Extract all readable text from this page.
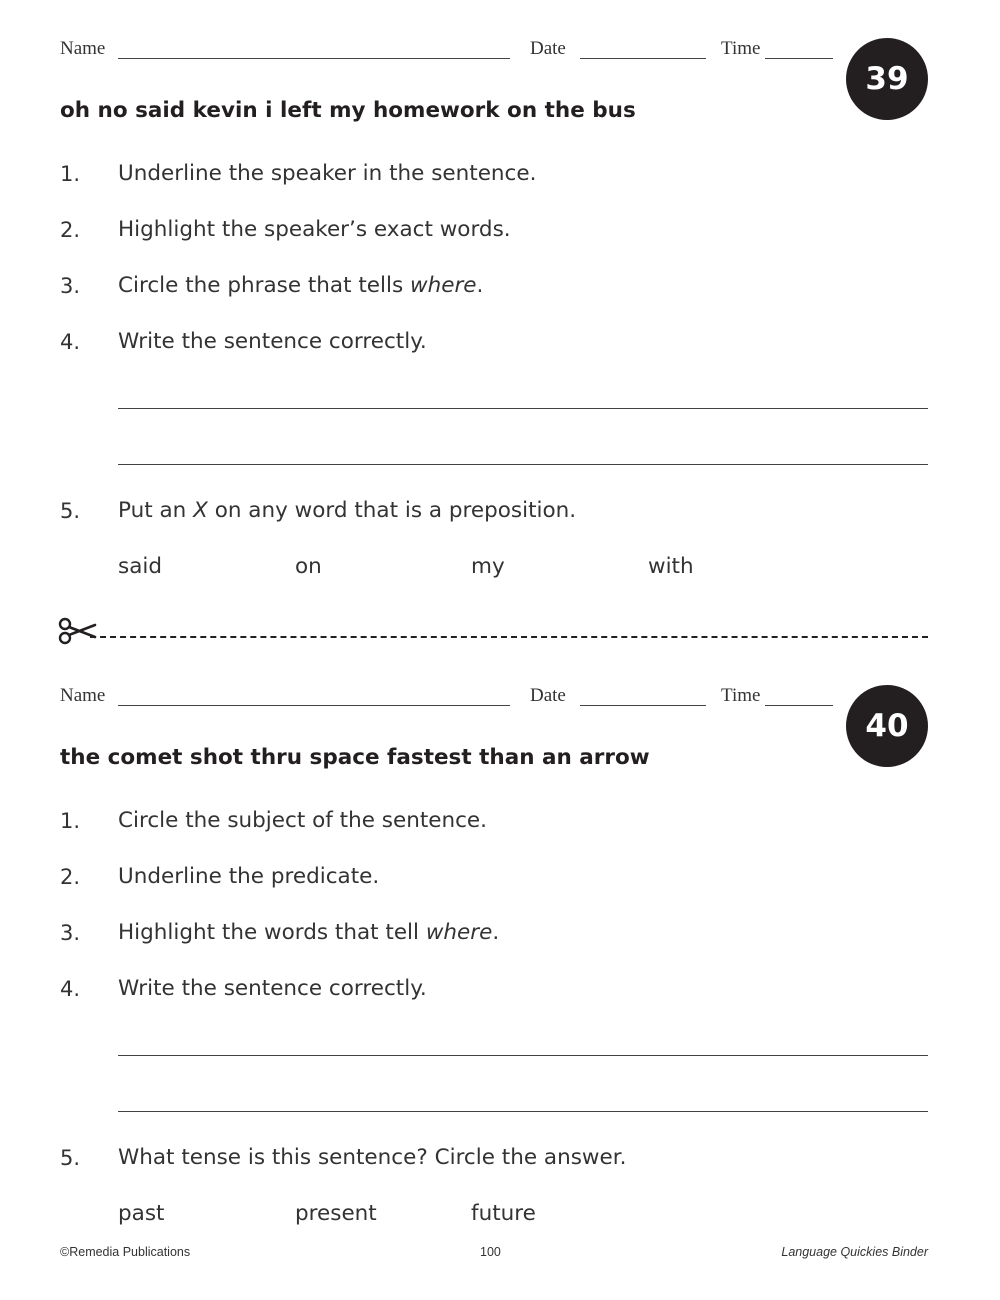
Name	Date	Time
39
oh no said kevin i left my homework on the bus
1. Underline the speaker in the sentence.
2. Highlight the speaker’s exact words.
3. Circle the phrase that tells where.
4. Write the sentence correctly.
5. Put an X on any word that is a preposition.
said	on	my	with
Name	Date	Time
40
the comet shot thru space fastest than an arrow
1. Circle the subject of the sentence.
2. Underline the predicate.
3. Highlight the words that tell where.
4. Write the sentence correctly.
5. What tense is this sentence? Circle the answer.
past	present	future
©Remedia Publications	100	Language Quickies Binder
